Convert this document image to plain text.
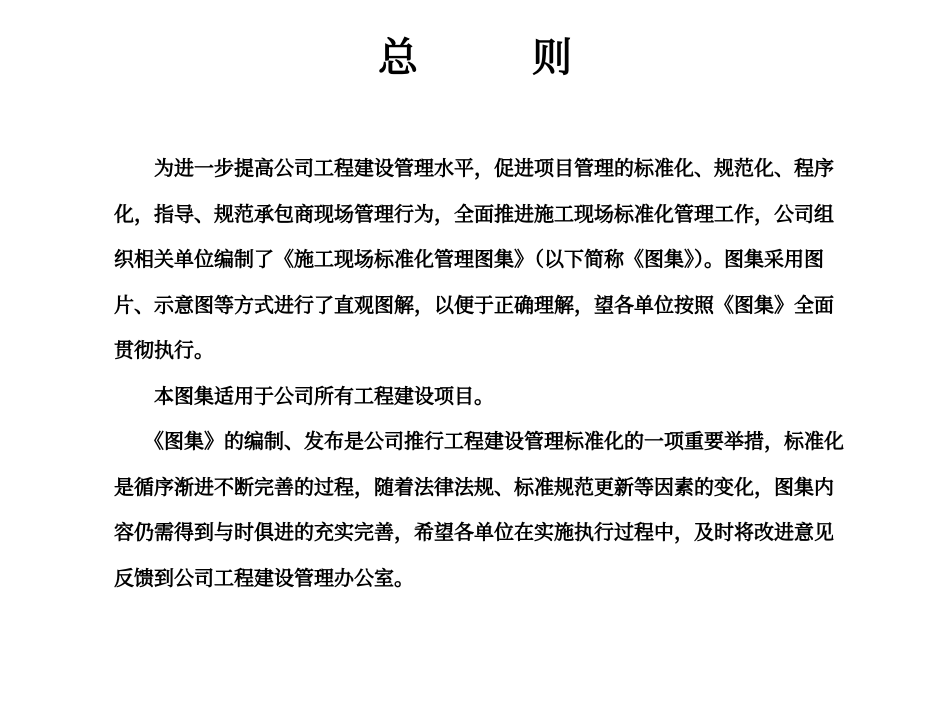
总 则

为进一步提高公司工程建设管理水平，促进项目管理的标准化、规范化、程序化，指导、规范承包商现场管理行为，全面推进施工现场标准化管理工作，公司组织相关单位编制了《施工现场标准化管理图集》（以下简称《图集》）。图集采用图片、示意图等方式进行了直观图解，以便于正确理解，望各单位按照《图集》全面贯彻执行。

本图集适用于公司所有工程建设项目。

《图集》的编制、发布是公司推行工程建设管理标准化的一项重要举措，标准化是循序渐进不断完善的过程，随着法律法规、标准规范更新等因素的变化，图集内容仍需得到与时俱进的充实完善，希望各单位在实施执行过程中，及时将改进意见反馈到公司工程建设管理办公室。
